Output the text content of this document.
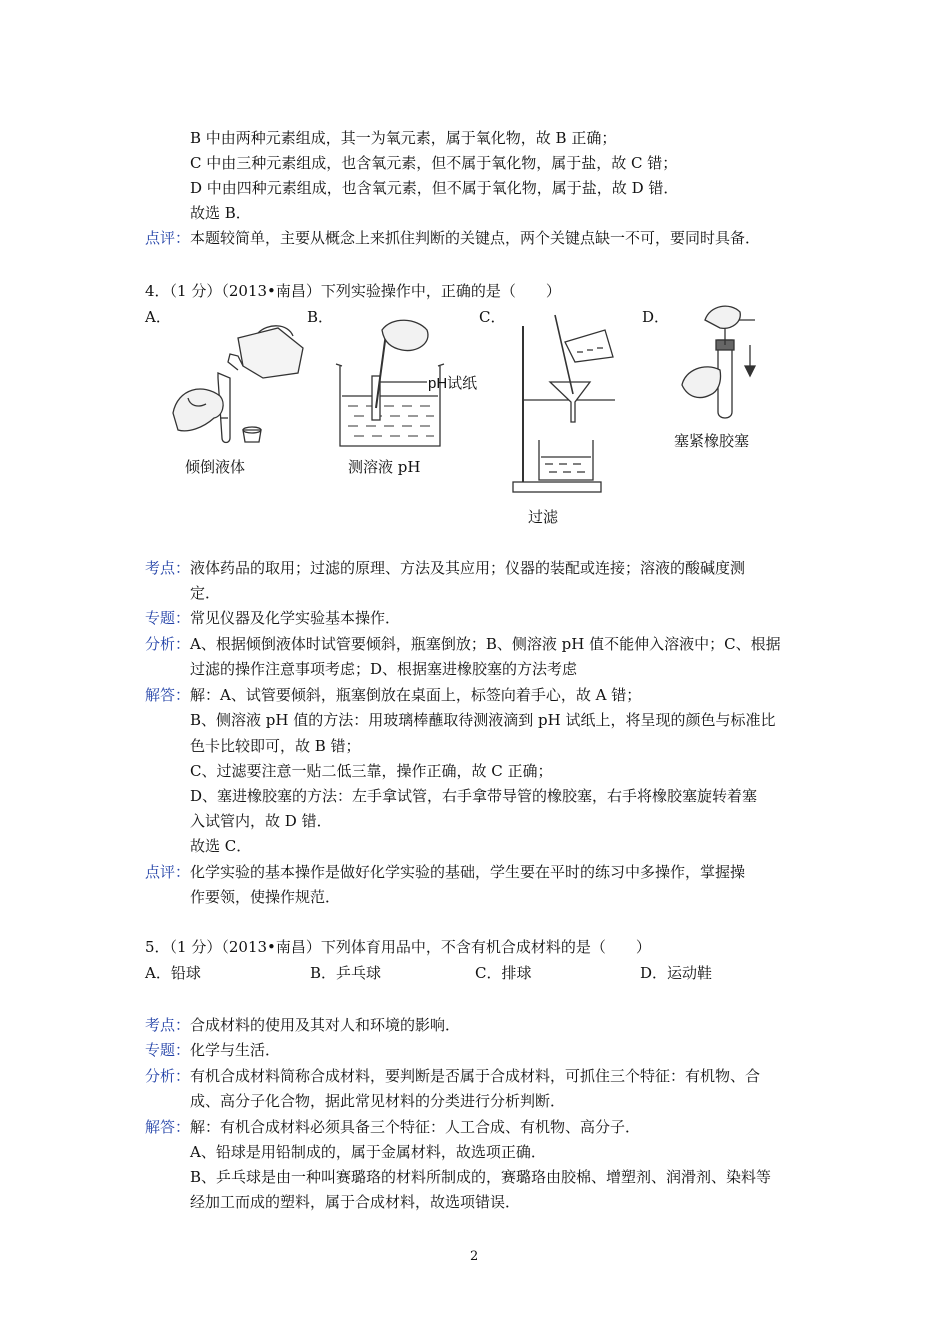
B 中由两种元素组成，其一为氧元素，属于氧化物，故 B 正确；
C 中由三种元素组成，也含氧元素，但不属于氧化物，属于盐，故 C 错；
D 中由四种元素组成，也含氧元素，但不属于氧化物，属于盐，故 D 错．
故选 B．
点评：本题较简单，主要从概念上来抓住判断的关键点，两个关键点缺一不可，要同时具备．
4．（1 分）（2013•南昌）下列实验操作中，正确的是（　　）
A．	B．	C．	D．
倾倒液体
pH试纸
测溶液 pH
过滤
塞紧橡胶塞
考点：液体药品的取用；过滤的原理、方法及其应用；仪器的装配或连接；溶液的酸碱度测
定．
专题：常见仪器及化学实验基本操作．
分析：A、根据倾倒液体时试管要倾斜，瓶塞倒放；B、侧溶液 pH 值不能伸入溶液中；C、根据
过滤的操作注意事项考虑；D、根据塞进橡胶塞的方法考虑
解答：解：A、试管要倾斜，瓶塞倒放在桌面上，标签向着手心，故 A 错；
B、侧溶液 pH 值的方法：用玻璃棒蘸取待测液滴到 pH 试纸上，将呈现的颜色与标准比
色卡比较即可，故 B 错；
C、过滤要注意一贴二低三靠，操作正确，故 C 正确；
D、塞进橡胶塞的方法：左手拿试管，右手拿带导管的橡胶塞，右手将橡胶塞旋转着塞
入试管内，故 D 错．
故选 C．
点评：化学实验的基本操作是做好化学实验的基础，学生要在平时的练习中多操作，掌握操
作要领，使操作规范．
5．（1 分）（2013•南昌）下列体育用品中，不含有机合成材料的是（　　）
A．铅球	B．乒乓球	C．排球	D．运动鞋
考点：合成材料的使用及其对人和环境的影响．
专题：化学与生活．
分析：有机合成材料简称合成材料，要判断是否属于合成材料，可抓住三个特征：有机物、合
成、高分子化合物，据此常见材料的分类进行分析判断．
解答：解：有机合成材料必须具备三个特征：人工合成、有机物、高分子．
A、铅球是用铅制成的，属于金属材料，故选项正确．
B、乒乓球是由一种叫赛璐珞的材料所制成的，赛璐珞由胶棉、增塑剂、润滑剂、染料等
经加工而成的塑料，属于合成材料，故选项错误．
2
